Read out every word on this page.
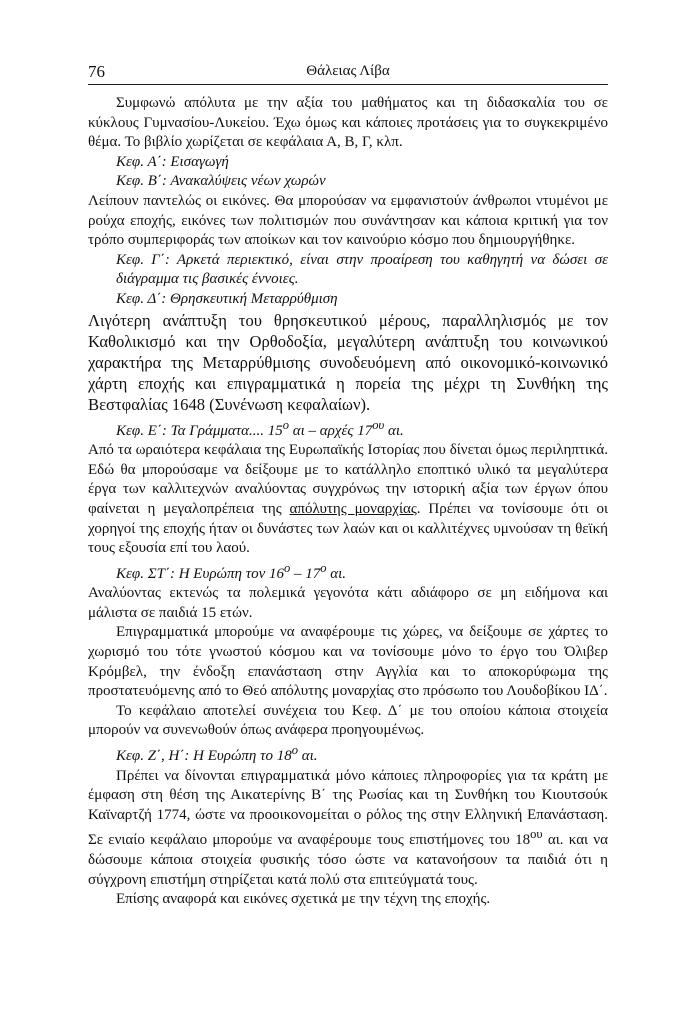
76	Θάλειας Λίβα

Συμφωνώ απόλυτα με την αξία του μαθήματος και τη διδασκαλία του σε κύκλους Γυμνασίου-Λυκείου. Έχω όμως και κάποιες προτάσεις για το συγκεκριμένο θέμα. Το βιβλίο χωρίζεται σε κεφάλαια Α, Β, Γ, κλπ.

Κεφ. Α΄: Εισαγωγή

Κεφ. Β΄: Ανακαλύψεις νέων χωρών

Λείπουν παντελώς οι εικόνες. Θα μπορούσαν να εμφανιστούν άνθρωποι ντυμένοι με ρούχα εποχής, εικόνες των πολιτισμών που συνάντησαν και κάποια κριτική για τον τρόπο συμπεριφοράς των αποίκων και τον καινούριο κόσμο που δημιουργήθηκε.

Κεφ. Γ΄: Αρκετά περιεκτικό, είναι στην προαίρεση του καθηγητή να δώσει σε διάγραμμα τις βασικές έννοιες.

Κεφ. Δ΄: Θρησκευτική Μεταρρύθμιση

Λιγότερη ανάπτυξη του θρησκευτικού μέρους, παραλληλισμός με τον Καθολικισμό και την Ορθοδοξία, μεγαλύτερη ανάπτυξη του κοινωνικού χαρακτήρα της Μεταρρύθμισης συνοδευόμενη από οικονομικό-κοινωνικό χάρτη εποχής και επιγραμματικά η πορεία της μέχρι τη Συνθήκη της Βεστφαλίας 1648 (Συνένωση κεφαλαίων).

Κεφ. Ε΄: Τα Γράμματα.... $15^o$ αι – αρχές $17^{o\upsilon}$ αι.

Από τα ωραιότερα κεφάλαια της Ευρωπαϊκής Ιστορίας που δίνεται όμως περιληπτικά. Εδώ θα μπορούσαμε να δείξουμε με το κατάλληλο εποπτικό υλικό τα μεγαλύτερα έργα των καλλιτεχνών αναλύοντας συγχρόνως την ιστορική αξία των έργων όπου φαίνεται η μεγαλοπρέπεια της απόλυτης μοναρχίας. Πρέπει να τονίσουμε ότι οι χορηγοί της εποχής ήταν οι δυνάστες των λαών και οι καλλιτέχνες υμνούσαν τη θεϊκή τους εξουσία επί του λαού.

Κεφ. ΣΤ΄: Η Ευρώπη τον $16^o - 17^o$ αι.

Αναλύοντας εκτενώς τα πολεμικά γεγονότα κάτι αδιάφορο σε μη ειδήμονα και μάλιστα σε παιδιά 15 ετών.

Επιγραμματικά μπορούμε να αναφέρουμε τις χώρες, να δείξουμε σε χάρτες το χωρισμό του τότε γνωστού κόσμου και να τονίσουμε μόνο το έργο του Όλιβερ Κρόμβελ, την ένδοξη επανάσταση στην Αγγλία και το αποκορύφωμα της προστατευόμενης από το Θεό απόλυτης μοναρχίας στο πρόσωπο του Λουδοβίκου ΙΔ΄.

Το κεφάλαιο αποτελεί συνέχεια του Κεφ. Δ΄ με του οποίου κάποια στοιχεία μπορούν να συνενωθούν όπως ανάφερα προηγουμένως.

Κεφ. Ζ΄, Η΄: Η Ευρώπη το $18^o$ αι.

Πρέπει να δίνονται επιγραμματικά μόνο κάποιες πληροφορίες για τα κράτη με έμφαση στη θέση της Αικατερίνης Β΄ της Ρωσίας και τη Συνθήκη του Κιουτσούκ Καϊναρτζή 1774, ώστε να προοικονομείται ο ρόλος της στην Ελληνική Επανάσταση. Σε ενιαίο κεφάλαιο μπορούμε να αναφέρουμε τους επιστήμονες του $18^{o\upsilon}$ αι. και να δώσουμε κάποια στοιχεία φυσικής τόσο ώστε να κατανοήσουν τα παιδιά ότι η σύγχρονη επιστήμη στηρίζεται κατά πολύ στα επιτεύγματά τους.

Επίσης αναφορά και εικόνες σχετικά με την τέχνη της εποχής.
